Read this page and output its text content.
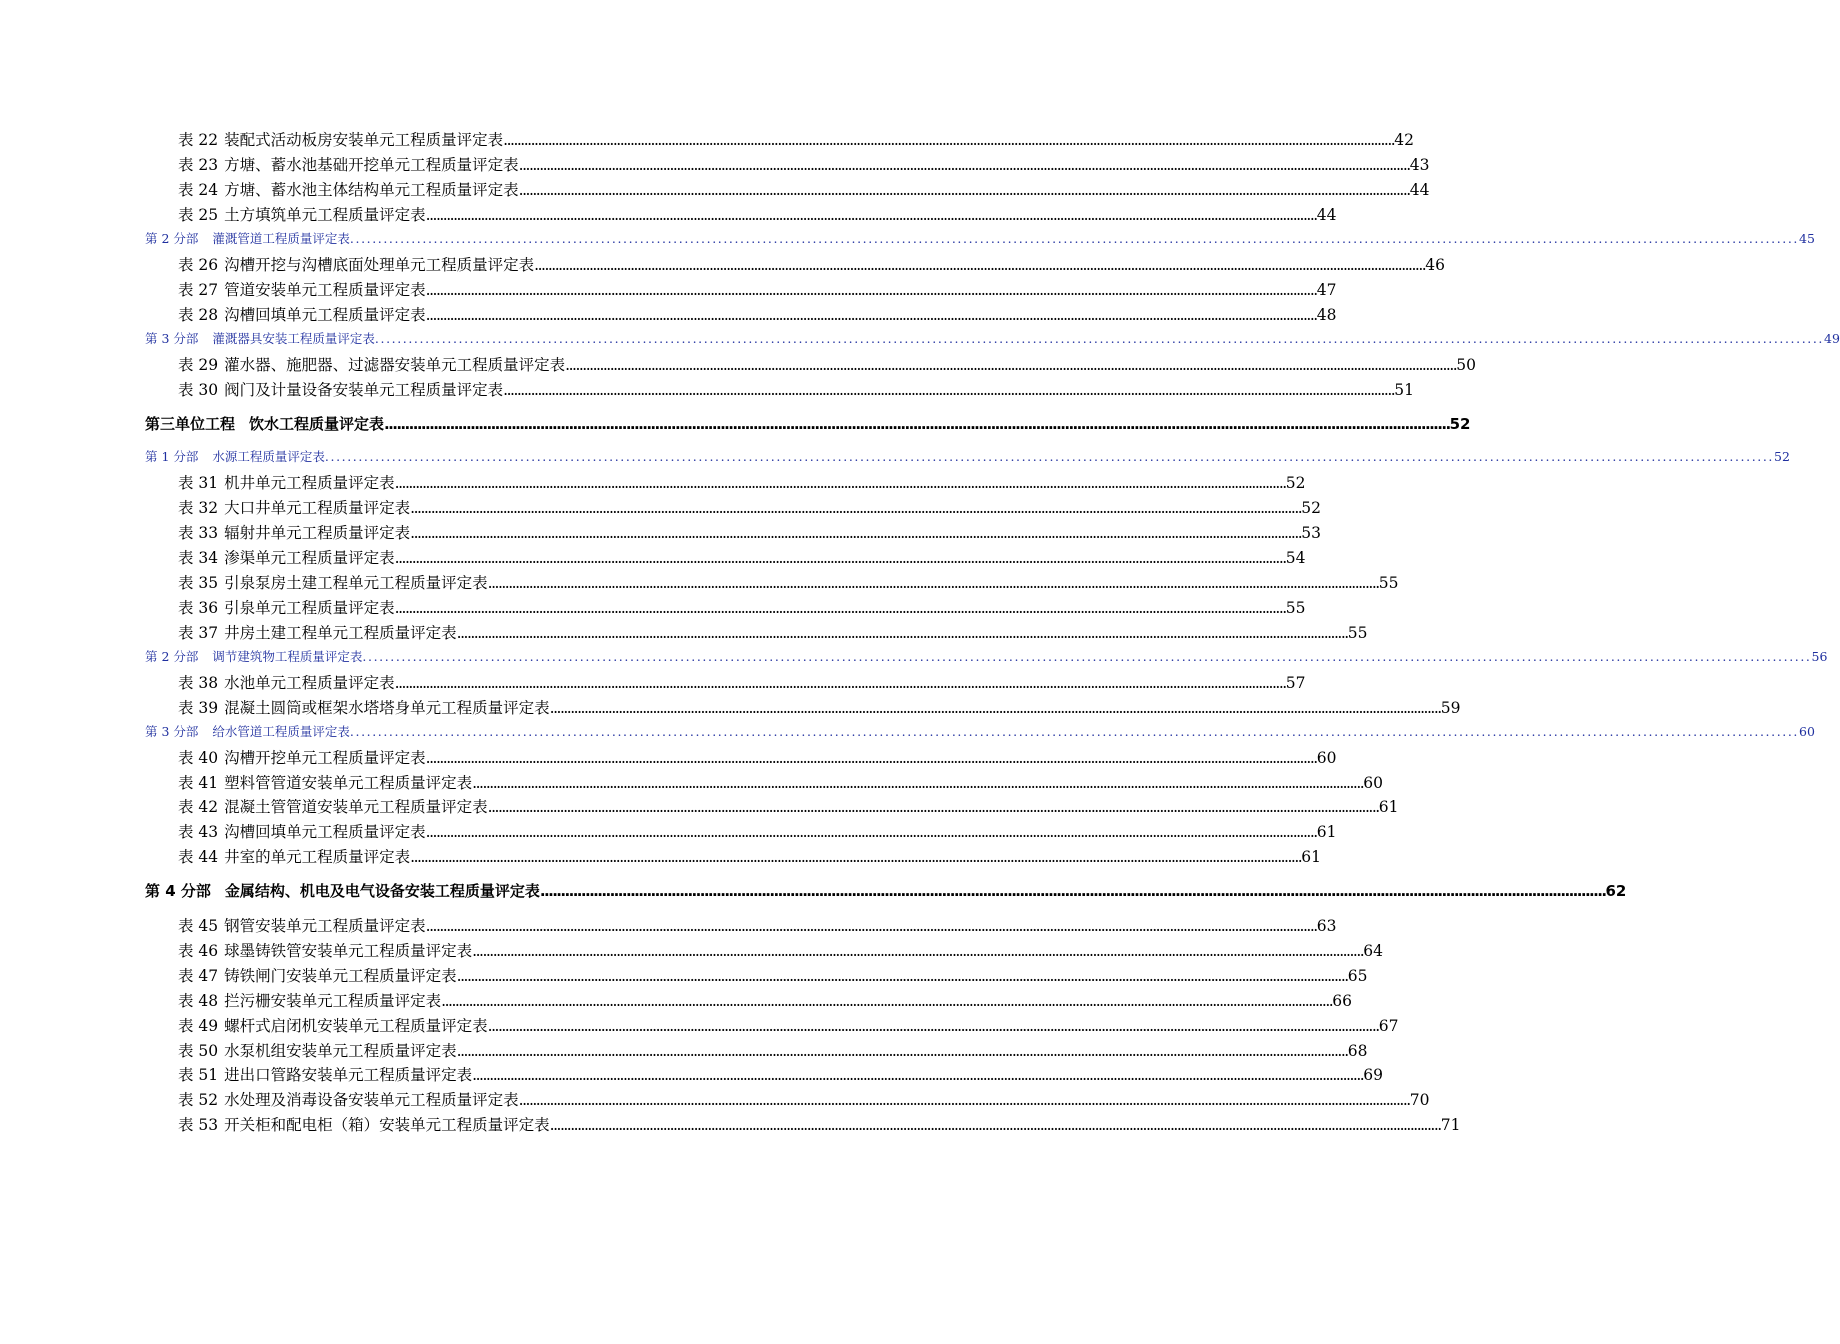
表 22 装配式活动板房安装单元工程质量评定表 .................................................................................................................................................................................................................................................................... 42
表 23 方塘、蓄水池基础开挖单元工程质量评定表 .................................................................................................................................................................................................................................................................... 43
表 24 方塘、蓄水池主体结构单元工程质量评定表 .................................................................................................................................................................................................................................................................... 44
表 25 土方填筑单元工程质量评定表 .................................................................................................................................................................................................................................................................... 44
第 2 分部 灌溉管道工程质量评定表 .................................................................................................................................................................................................................................................................... 45
表 26 沟槽开挖与沟槽底面处理单元工程质量评定表 .................................................................................................................................................................................................................................................................... 46
表 27 管道安装单元工程质量评定表 .................................................................................................................................................................................................................................................................... 47
表 28 沟槽回填单元工程质量评定表 .................................................................................................................................................................................................................................................................... 48
第 3 分部 灌溉器具安装工程质量评定表 .................................................................................................................................................................................................................................................................... 49
表 29 灌水器、施肥器、过滤器安装单元工程质量评定表 .................................................................................................................................................................................................................................................................... 50
表 30 阀门及计量设备安装单元工程质量评定表 .................................................................................................................................................................................................................................................................... 51
第三单位工程 饮水工程质量评定表 .................................................................................................................................................................................................................................................................... 52
第 1 分部 水源工程质量评定表 .................................................................................................................................................................................................................................................................... 52
表 31 机井单元工程质量评定表 .................................................................................................................................................................................................................................................................... 52
表 32 大口井单元工程质量评定表 .................................................................................................................................................................................................................................................................... 52
表 33 辐射井单元工程质量评定表 .................................................................................................................................................................................................................................................................... 53
表 34 渗渠单元工程质量评定表 .................................................................................................................................................................................................................................................................... 54
表 35 引泉泵房土建工程单元工程质量评定表 .................................................................................................................................................................................................................................................................... 55
表 36 引泉单元工程质量评定表 .................................................................................................................................................................................................................................................................... 55
表 37 井房土建工程单元工程质量评定表 .................................................................................................................................................................................................................................................................... 55
第 2 分部 调节建筑物工程质量评定表 .................................................................................................................................................................................................................................................................... 56
表 38 水池单元工程质量评定表 .................................................................................................................................................................................................................................................................... 57
表 39 混凝土圆筒或框架水塔塔身单元工程质量评定表 .................................................................................................................................................................................................................................................................... 59
第 3 分部 给水管道工程质量评定表 .................................................................................................................................................................................................................................................................... 60
表 40 沟槽开挖单元工程质量评定表 .................................................................................................................................................................................................................................................................... 60
表 41 塑料管管道安装单元工程质量评定表 .................................................................................................................................................................................................................................................................... 60
表 42 混凝土管管道安装单元工程质量评定表 .................................................................................................................................................................................................................................................................... 61
表 43 沟槽回填单元工程质量评定表 .................................................................................................................................................................................................................................................................... 61
表 44 井室的单元工程质量评定表 .................................................................................................................................................................................................................................................................... 61
第 4 分部 金属结构、机电及电气设备安装工程质量评定表 .................................................................................................................................................................................................................................................................... 62
表 45 钢管安装单元工程质量评定表 .................................................................................................................................................................................................................................................................... 63
表 46 球墨铸铁管安装单元工程质量评定表 .................................................................................................................................................................................................................................................................... 64
表 47 铸铁闸门安装单元工程质量评定表 .................................................................................................................................................................................................................................................................... 65
表 48 拦污栅安装单元工程质量评定表 .................................................................................................................................................................................................................................................................... 66
表 49 螺杆式启闭机安装单元工程质量评定表 .................................................................................................................................................................................................................................................................... 67
表 50 水泵机组安装单元工程质量评定表 .................................................................................................................................................................................................................................................................... 68
表 51 进出口管路安装单元工程质量评定表 .................................................................................................................................................................................................................................................................... 69
表 52 水处理及消毒设备安装单元工程质量评定表 .................................................................................................................................................................................................................................................................... 70
表 53 开关柜和配电柜（箱）安装单元工程质量评定表 .................................................................................................................................................................................................................................................................... 71
